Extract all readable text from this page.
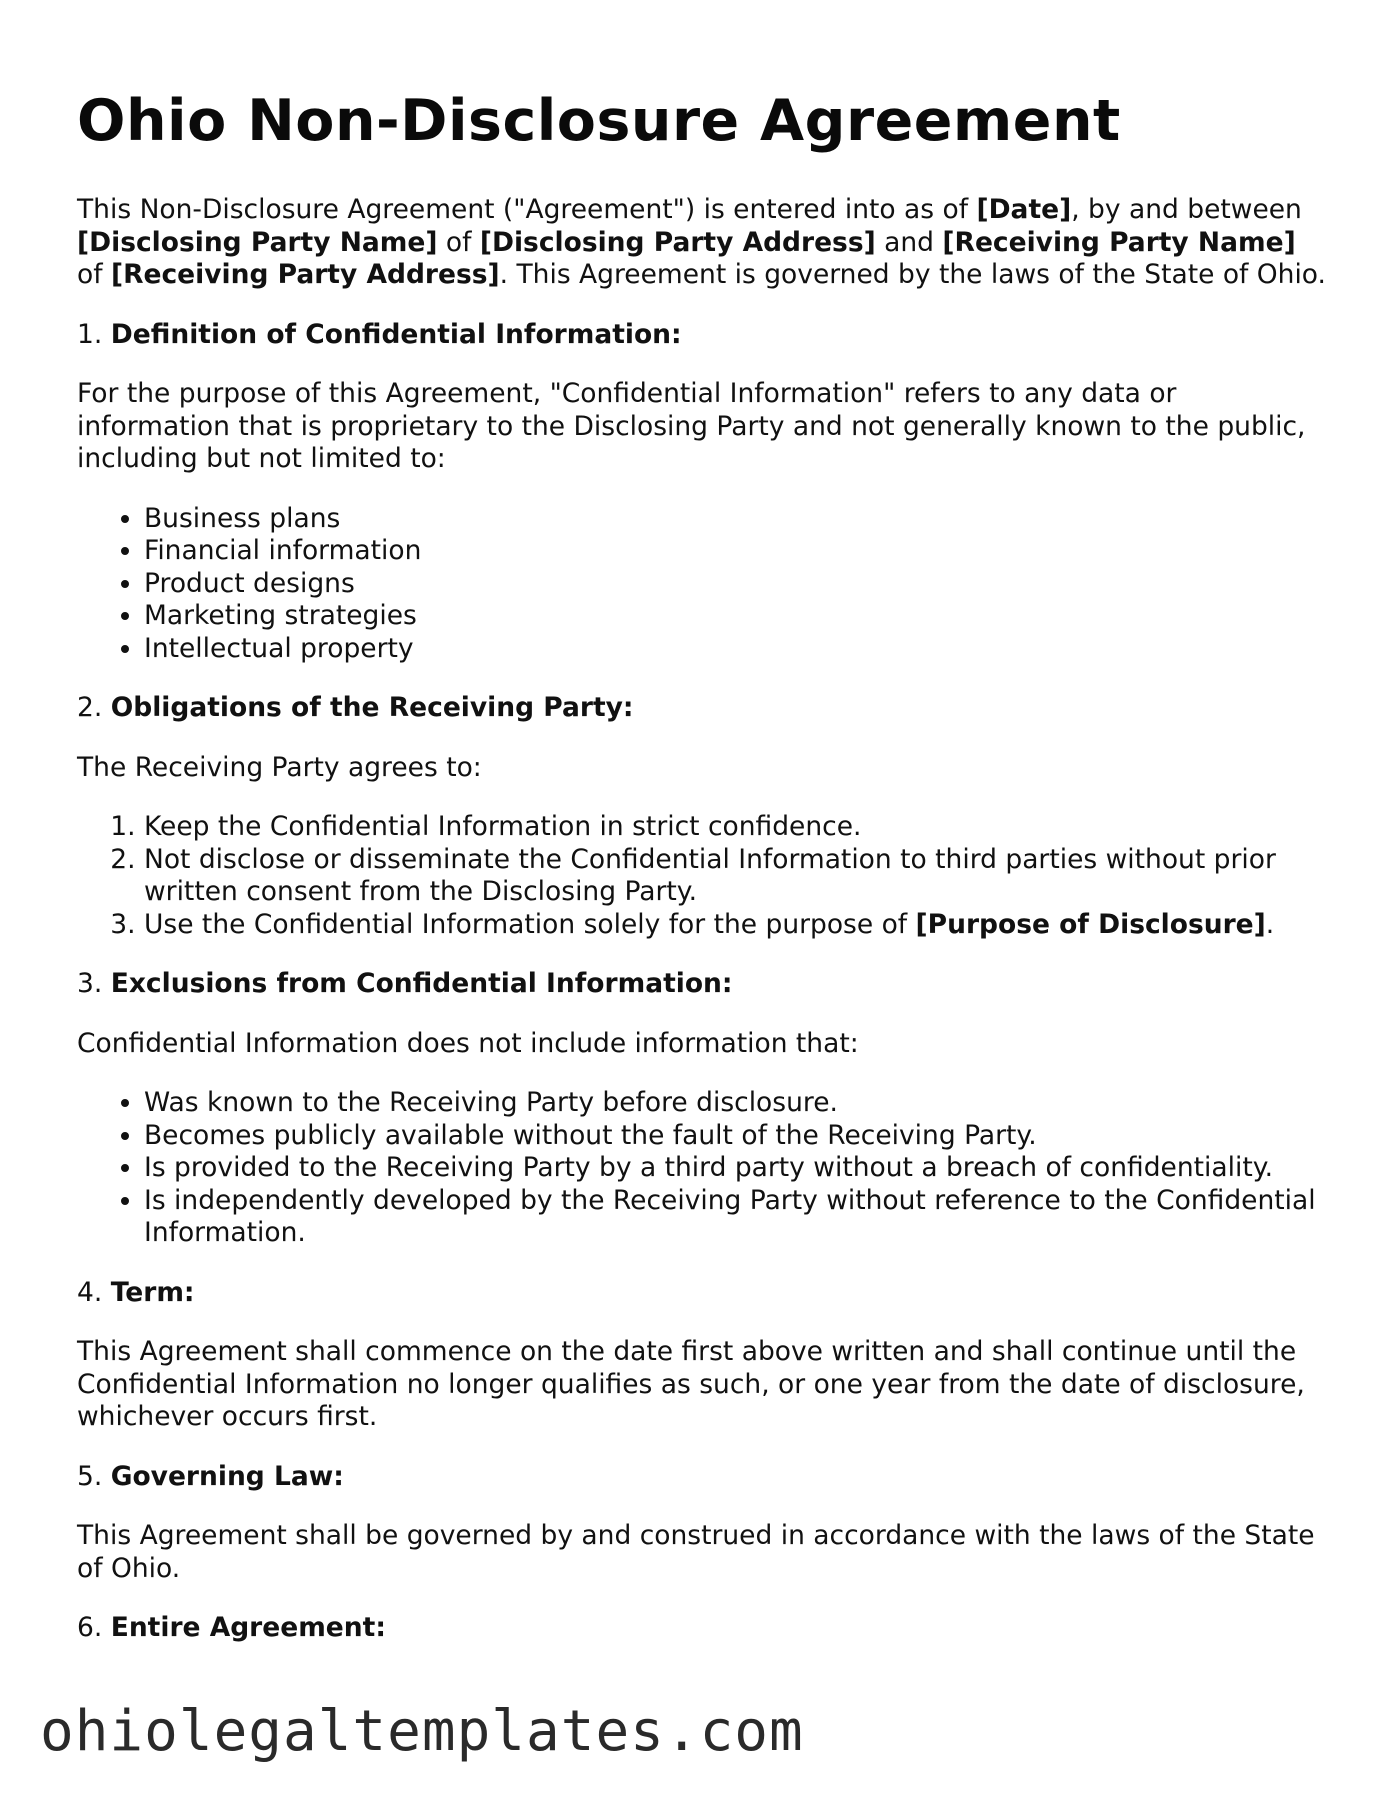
Ohio Non-Disclosure Agreement

This Non-Disclosure Agreement ("Agreement") is entered into as of [Date], by and between [Disclosing Party Name] of [Disclosing Party Address] and [Receiving Party Name] of [Receiving Party Address]. This Agreement is governed by the laws of the State of Ohio.

1. Definition of Confidential Information:

For the purpose of this Agreement, "Confidential Information" refers to any data or information that is proprietary to the Disclosing Party and not generally known to the public, including but not limited to:

• Business plans
• Financial information
• Product designs
• Marketing strategies
• Intellectual property

2. Obligations of the Receiving Party:

The Receiving Party agrees to:

1. Keep the Confidential Information in strict confidence.
2. Not disclose or disseminate the Confidential Information to third parties without prior written consent from the Disclosing Party.
3. Use the Confidential Information solely for the purpose of [Purpose of Disclosure].

3. Exclusions from Confidential Information:

Confidential Information does not include information that:

• Was known to the Receiving Party before disclosure.
• Becomes publicly available without the fault of the Receiving Party.
• Is provided to the Receiving Party by a third party without a breach of confidentiality.
• Is independently developed by the Receiving Party without reference to the Confidential Information.

4. Term:

This Agreement shall commence on the date first above written and shall continue until the Confidential Information no longer qualifies as such, or one year from the date of disclosure, whichever occurs first.

5. Governing Law:

This Agreement shall be governed by and construed in accordance with the laws of the State of Ohio.

6. Entire Agreement:

ohiolegaltemplates.com
